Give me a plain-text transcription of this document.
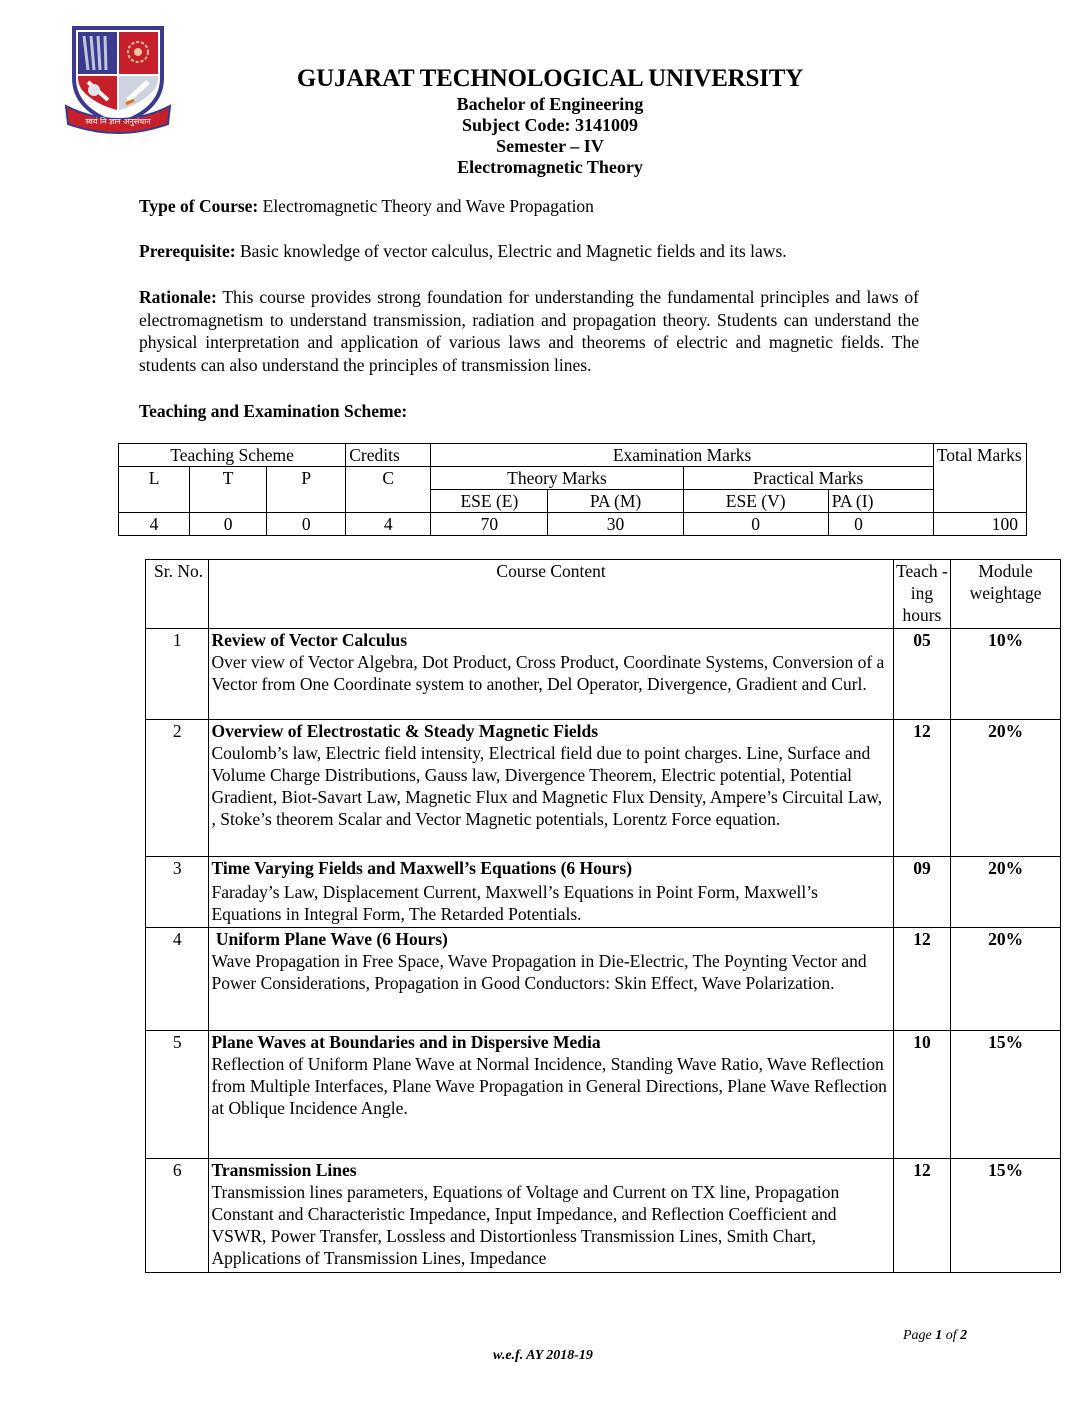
स्वयं नि ज्ञान अनुसंधान
GUJARAT TECHNOLOGICAL UNIVERSITY
Bachelor of Engineering
Subject Code: 3141009
Semester – IV
Electromagnetic Theory
Type of Course: Electromagnetic Theory and Wave Propagation
Prerequisite: Basic knowledge of vector calculus, Electric and Magnetic fields and its laws.
Rationale: This course provides strong foundation for understanding the fundamental principles and laws of electromagnetism to understand transmission, radiation and propagation theory. Students can understand the physical interpretation and application of various laws and theorems of electric and magnetic fields. The students can also understand the principles of transmission lines.
Teaching and Examination Scheme:
Teaching Scheme			Credits	Examination Marks				Total Marks
L	T	P	C	Theory Marks		Practical Marks		
				ESE (E)	PA (M)	ESE (V)	PA (I)	
4	0	0	4	70	30	0	0	100
Sr. No.	Course Content	Teach -ing hours	Module weightage
1	Review of Vector Calculus
Over view of Vector Algebra, Dot Product, Cross Product, Coordinate Systems, Conversion of a Vector from One Coordinate system to another, Del Operator, Divergence, Gradient and Curl.	05	10%
2	Overview of Electrostatic & Steady Magnetic Fields
Coulomb’s law, Electric field intensity, Electrical field due to point charges. Line, Surface and Volume Charge Distributions, Gauss law, Divergence Theorem, Electric potential, Potential Gradient, Biot-Savart Law, Magnetic Flux and Magnetic Flux Density, Ampere’s Circuital Law, , Stoke’s theorem Scalar and Vector Magnetic potentials, Lorentz Force equation.	12	20%
3	Time Varying Fields and Maxwell’s Equations (6 Hours)
Faraday’s Law, Displacement Current, Maxwell’s Equations in Point Form, Maxwell’s Equations in Integral Form, The Retarded Potentials.	09	20%
4	Uniform Plane Wave (6 Hours)
Wave Propagation in Free Space, Wave Propagation in Die-Electric, The Poynting Vector and Power Considerations, Propagation in Good Conductors: Skin Effect, Wave Polarization.	12	20%
5	Plane Waves at Boundaries and in Dispersive Media
Reflection of Uniform Plane Wave at Normal Incidence, Standing Wave Ratio, Wave Reflection from Multiple Interfaces, Plane Wave Propagation in General Directions, Plane Wave Reflection at Oblique Incidence Angle.	10	15%
6	Transmission Lines
Transmission lines parameters, Equations of Voltage and Current on TX line, Propagation Constant and Characteristic Impedance, Input Impedance, and Reflection Coefficient and VSWR, Power Transfer, Lossless and Distortionless Transmission Lines, Smith Chart, Applications of Transmission Lines, Impedance	12	15%
Page 1 of 2
w.e.f. AY 2018-19
